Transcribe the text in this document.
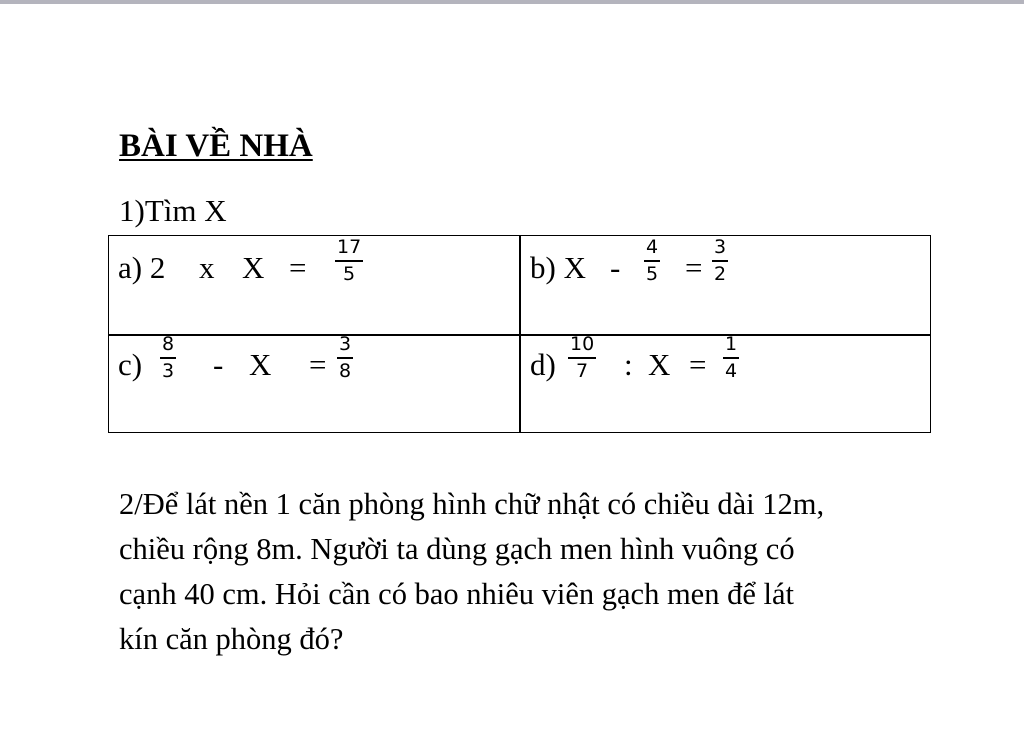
BÀI VỀ NHÀ
1)Tìm X
a) 2 x X =
17
5	b) X -
4
5 =
3
2
c)
8
3 - X =
3
8	d)
10
7 : X =
1
4
2/Để lát nền 1 căn phòng hình chữ nhật có chiều dài 12m,
chiều rộng 8m. Người ta dùng gạch men hình vuông có
cạnh 40 cm. Hỏi cần có bao nhiêu viên gạch men để lát
kín căn phòng đó?
